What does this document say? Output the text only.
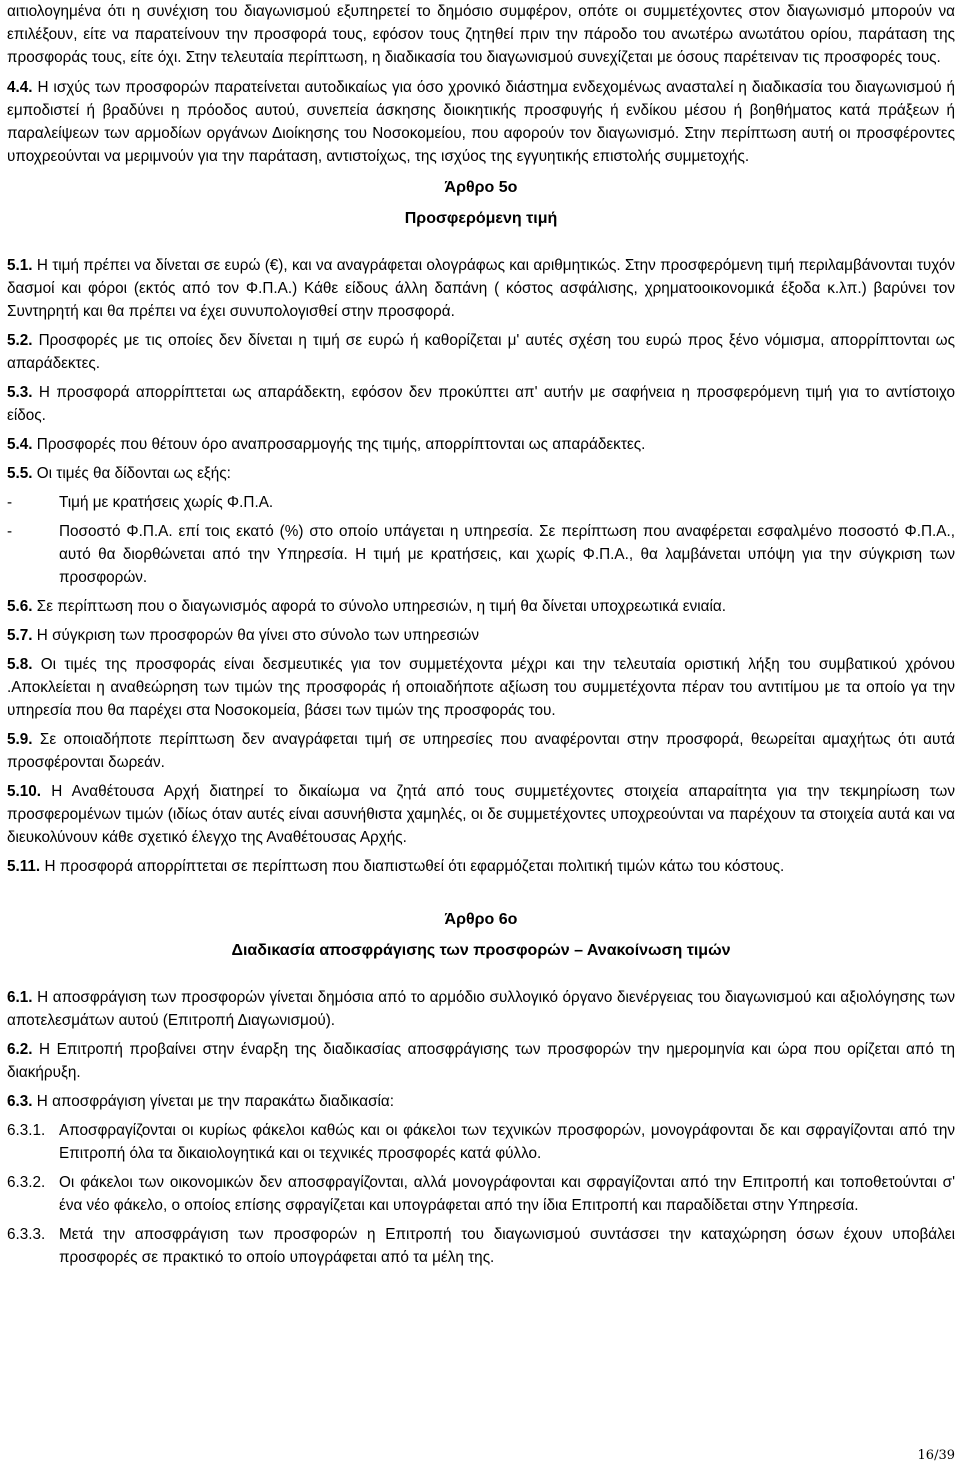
αιτιολογημένα ότι η συνέχιση του διαγωνισμού εξυπηρετεί το δημόσιο συμφέρον, οπότε οι συμμετέχοντες στον διαγωνισμό μπορούν να επιλέξουν, είτε να παρατείνουν την προσφορά τους, εφόσον τους ζητηθεί πριν την πάροδο του ανωτέρω ανωτάτου ορίου, παράταση της προσφοράς τους, είτε όχι. Στην τελευταία περίπτωση, η διαδικασία του διαγωνισμού συνεχίζεται με όσους παρέτειναν τις προσφορές τους.

4.4. Η ισχύς των προσφορών παρατείνεται αυτοδικαίως για όσο χρονικό διάστημα ενδεχομένως ανασταλεί η διαδικασία του διαγωνισμού ή εμποδιστεί ή βραδύνει η πρόοδος αυτού, συνεπεία άσκησης διοικητικής προσφυγής ή ενδίκου μέσου ή βοηθήματος κατά πράξεων ή παραλείψεων των αρμοδίων οργάνων Διοίκησης του Νοσοκομείου, που αφορούν τον διαγωνισμό. Στην περίπτωση αυτή οι προσφέροντες υποχρεούνται να μεριμνούν για την παράταση, αντιστοίχως, της ισχύος της εγγυητικής επιστολής συμμετοχής.

Άρθρο 5ο
Προσφερόμενη τιμή

5.1. Η τιμή πρέπει να δίνεται σε ευρώ (€), και να αναγράφεται ολογράφως και αριθμητικώς. Στην προσφερόμενη τιμή περιλαμβάνονται τυχόν δασμοί και φόροι (εκτός από τον Φ.Π.Α.) Κάθε είδους άλλη δαπάνη ( κόστος ασφάλισης, χρηματοοικονομικά έξοδα κ.λπ.) βαρύνει τον Συντηρητή και θα πρέπει να έχει συνυπολογισθεί στην προσφορά.

5.2. Προσφορές με τις οποίες δεν δίνεται η τιμή σε ευρώ ή καθορίζεται μ' αυτές σχέση του ευρώ προς ξένο νόμισμα, απορρίπτονται ως απαράδεκτες.

5.3. Η προσφορά απορρίπτεται ως απαράδεκτη, εφόσον δεν προκύπτει απ' αυτήν με σαφήνεια η προσφερόμενη τιμή για το αντίστοιχο είδος.

5.4. Προσφορές που θέτουν όρο αναπροσαρμογής της τιμής, απορρίπτονται ως απαράδεκτες.

5.5. Οι τιμές θα δίδονται ως εξής:

-	Τιμή με κρατήσεις χωρίς Φ.Π.Α.
-	Ποσοστό Φ.Π.Α. επί τοις εκατό (%) στο οποίο υπάγεται η υπηρεσία. Σε περίπτωση που αναφέρεται εσφαλμένο ποσοστό Φ.Π.Α., αυτό θα διορθώνεται από την Υπηρεσία. Η τιμή με κρατήσεις, και χωρίς Φ.Π.Α., θα λαμβάνεται υπόψη για την σύγκριση των προσφορών.

5.6. Σε περίπτωση που ο διαγωνισμός αφορά το σύνολο υπηρεσιών, η τιμή θα δίνεται υποχρεωτικά ενιαία.

5.7. Η σύγκριση των προσφορών θα γίνει στο σύνολο των υπηρεσιών

5.8. Οι τιμές της προσφοράς είναι δεσμευτικές για τον συμμετέχοντα μέχρι και την τελευταία οριστική λήξη του συμβατικού χρόνου .Αποκλείεται η αναθεώρηση των τιμών της προσφοράς ή οποιαδήποτε αξίωση του συμμετέχοντα πέραν του αντιτίμου με τα οποίο γα την υπηρεσία που θα παρέχει στα Νοσοκομεία, βάσει των τιμών της προσφοράς του.

5.9. Σε οποιαδήποτε περίπτωση δεν αναγράφεται τιμή σε υπηρεσίες που αναφέρονται στην προσφορά, θεωρείται αμαχήτως ότι αυτά προσφέρονται δωρεάν.

5.10. Η Αναθέτουσα Αρχή διατηρεί το δικαίωμα να ζητά από τους συμμετέχοντες στοιχεία απαραίτητα για την τεκμηρίωση των προσφερομένων τιμών (ιδίως όταν αυτές είναι ασυνήθιστα χαμηλές, οι δε συμμετέχοντες υποχρεούνται να παρέχουν τα στοιχεία αυτά και να διευκολύνουν κάθε σχετικό έλεγχο της Αναθέτουσας Αρχής.

5.11. Η προσφορά απορρίπτεται σε περίπτωση που διαπιστωθεί ότι εφαρμόζεται πολιτική τιμών κάτω του κόστους.

Άρθρο 6ο
Διαδικασία αποσφράγισης των προσφορών – Ανακοίνωση τιμών

6.1. Η αποσφράγιση των προσφορών γίνεται δημόσια από το αρμόδιο συλλογικό όργανο διενέργειας του διαγωνισμού και αξιολόγησης των αποτελεσμάτων αυτού (Επιτροπή Διαγωνισμού).

6.2. Η Επιτροπή προβαίνει στην έναρξη της διαδικασίας αποσφράγισης των προσφορών την ημερομηνία και ώρα που ορίζεται από τη διακήρυξη.

6.3. Η αποσφράγιση γίνεται με την παρακάτω διαδικασία:

6.3.1. Αποσφραγίζονται οι κυρίως φάκελοι καθώς και οι φάκελοι των τεχνικών προσφορών, μονογράφονται δε και σφραγίζονται από την Επιτροπή όλα τα δικαιολογητικά και οι τεχνικές προσφορές κατά φύλλο.
6.3.2. Οι φάκελοι των οικονομικών δεν αποσφραγίζονται, αλλά μονογράφονται και σφραγίζονται από την Επιτροπή και τοποθετούνται σ' ένα νέο φάκελο, ο οποίος επίσης σφραγίζεται και υπογράφεται από την ίδια Επιτροπή και παραδίδεται στην Υπηρεσία.
6.3.3. Μετά την αποσφράγιση των προσφορών η Επιτροπή του διαγωνισμού συντάσσει την καταχώρηση όσων έχουν υποβάλει προσφορές σε πρακτικό το οποίο υπογράφεται από τα μέλη της.
16/39
